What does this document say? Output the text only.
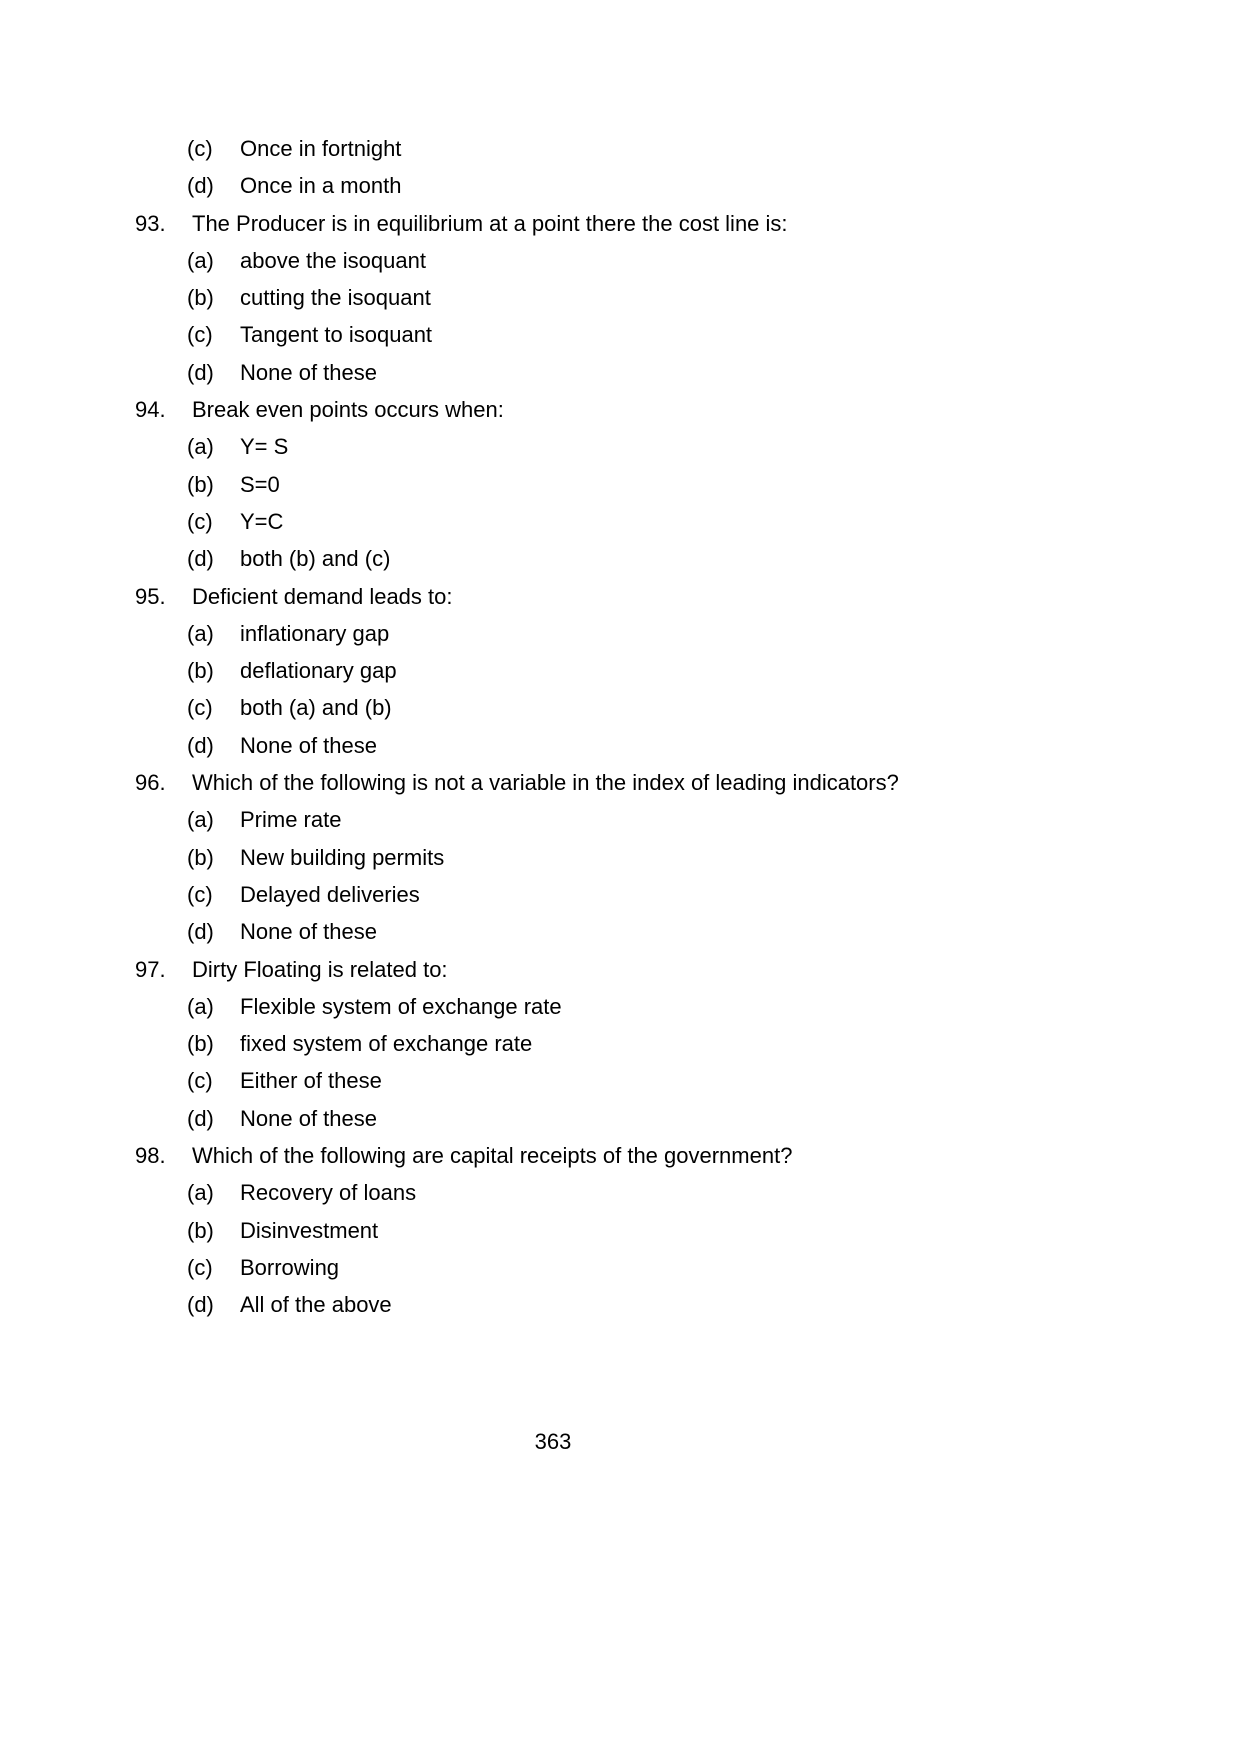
(c)	Once in fortnight
(d)	Once in a month
93.	The Producer is in equilibrium at a point there the cost line is:
(a)	above the isoquant
(b)	cutting the isoquant
(c)	Tangent to isoquant
(d)	None of these
94.	Break even points occurs when:
(a)	Y= S
(b)	S=0
(c)	Y=C
(d)	both (b) and (c)
95.	Deficient demand leads to:
(a)	inflationary gap
(b)	deflationary gap
(c)	both (a) and (b)
(d)	None of these
96.	Which of the following is not a variable in the index of leading indicators?
(a)	Prime rate
(b)	New building permits
(c)	Delayed deliveries
(d)	None of these
97.	Dirty Floating is related to:
(a)	Flexible system of exchange rate
(b)	fixed system of exchange rate
(c)	Either of these
(d)	None of these
98.	Which of the following are capital receipts of the government?
(a)	Recovery of loans
(b)	Disinvestment
(c)	Borrowing
(d)	All of the above
363
